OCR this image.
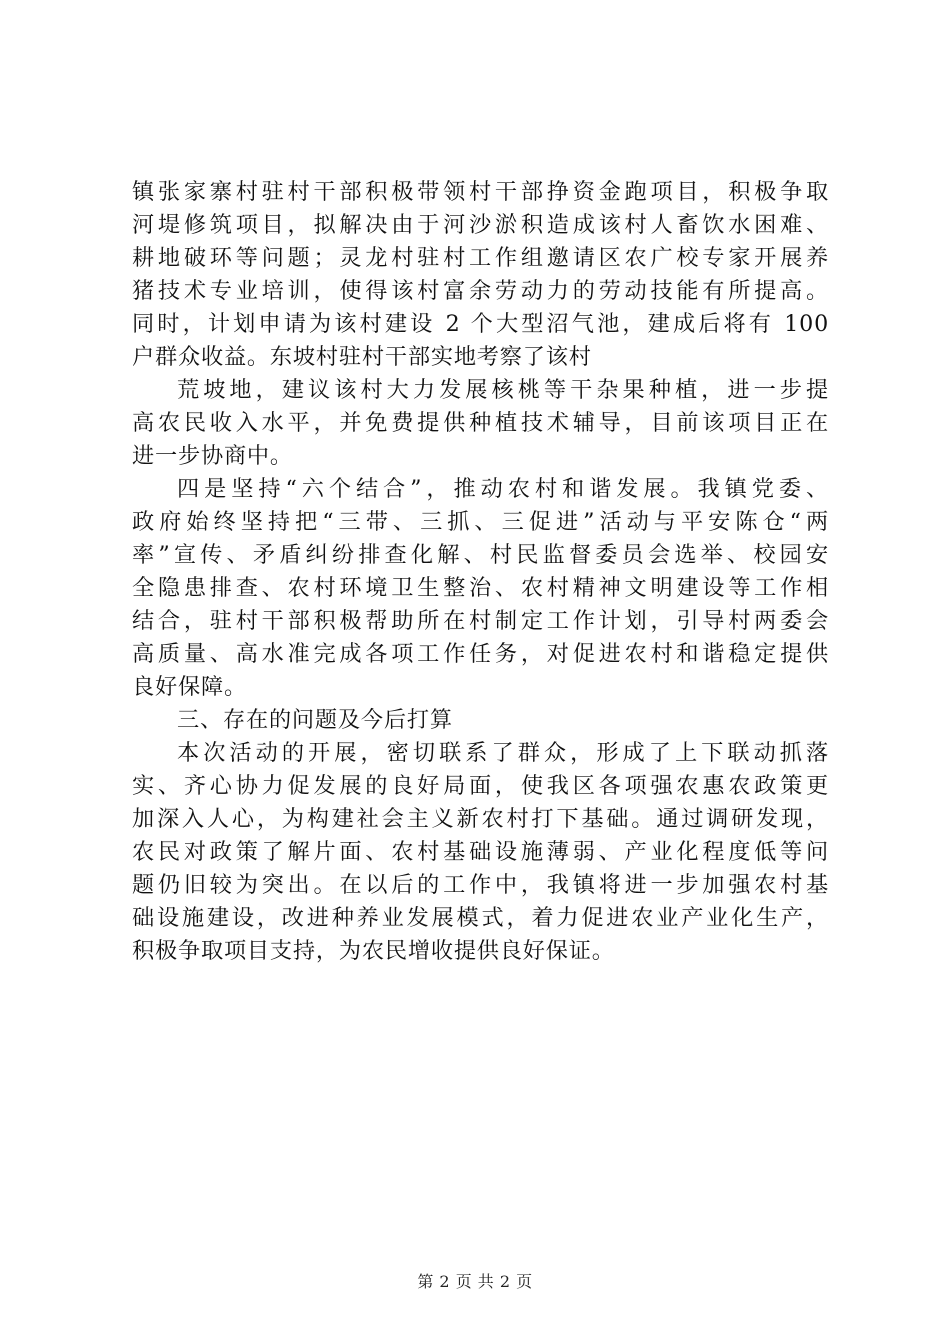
镇张家寨村驻村干部积极带领村干部挣资金跑项目，积极争取
河堤修筑项目，拟解决由于河沙淤积造成该村人畜饮水困难、
耕地破环等问题；灵龙村驻村工作组邀请区农广校专家开展养
猪技术专业培训，使得该村富余劳动力的劳动技能有所提高。
同时，计划申请为该村建设 2 个大型沼气池，建成后将有 100
户群众收益。东坡村驻村干部实地考察了该村
荒坡地，建议该村大力发展核桃等干杂果种植，进一步提
高农民收入水平，并免费提供种植技术辅导，目前该项目正在
进一步协商中。
四是坚持“六个结合”，推动农村和谐发展。我镇党委、
政府始终坚持把“三带、三抓、三促进”活动与平安陈仓“两
率”宣传、矛盾纠纷排查化解、村民监督委员会选举、校园安
全隐患排查、农村环境卫生整治、农村精神文明建设等工作相
结合，驻村干部积极帮助所在村制定工作计划，引导村两委会
高质量、高水准完成各项工作任务，对促进农村和谐稳定提供
良好保障。
三、存在的问题及今后打算
本次活动的开展，密切联系了群众，形成了上下联动抓落
实、齐心协力促发展的良好局面，使我区各项强农惠农政策更
加深入人心，为构建社会主义新农村打下基础。通过调研发现，
农民对政策了解片面、农村基础设施薄弱、产业化程度低等问
题仍旧较为突出。在以后的工作中，我镇将进一步加强农村基
础设施建设，改进种养业发展模式，着力促进农业产业化生产，
积极争取项目支持，为农民增收提供良好保证。
第 2 页 共 2 页
